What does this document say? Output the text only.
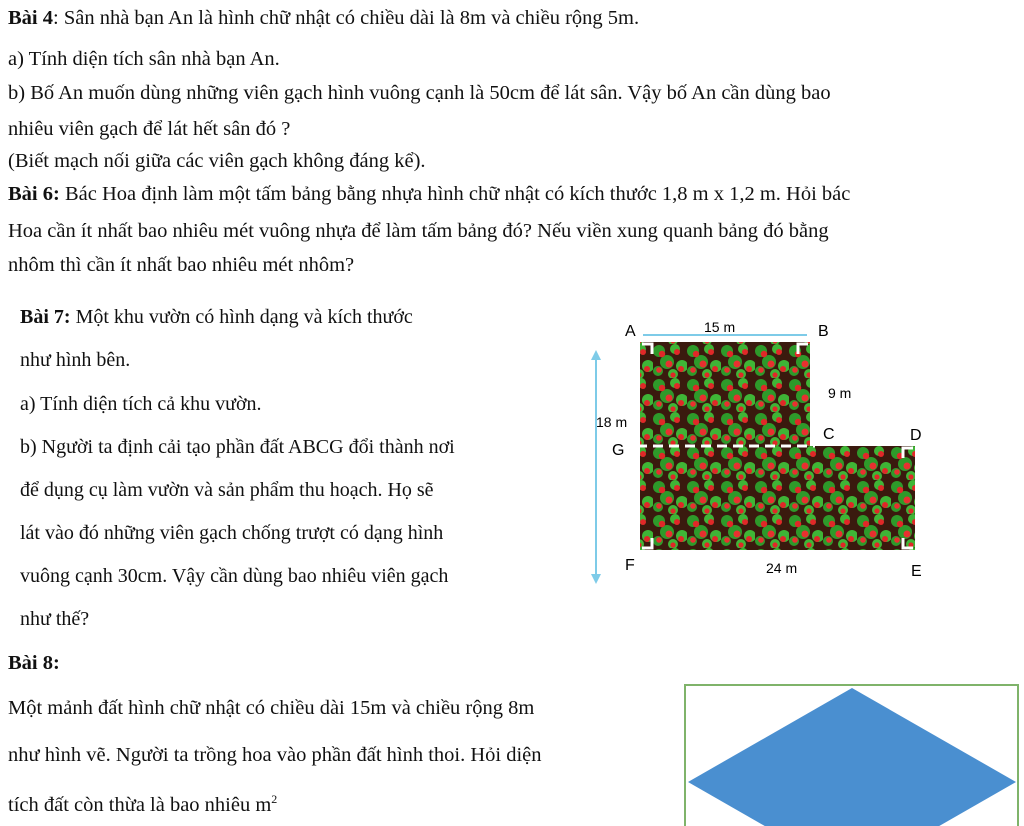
Bài 4: Sân nhà bạn An là hình chữ nhật có chiều dài là 8m và chiều rộng 5m.
a) Tính diện tích sân nhà bạn An.
b) Bố An muốn dùng những viên gạch hình vuông cạnh là 50cm để lát sân. Vậy bố An cần dùng bao
nhiêu viên gạch để lát hết sân đó ?
(Biết mạch nối giữa các viên gạch không đáng kể).
Bài 6: Bác Hoa định làm một tấm bảng bằng nhựa hình chữ nhật có kích thước 1,8 m x 1,2 m. Hỏi bác
Hoa cần ít nhất bao nhiêu mét vuông nhựa để làm tấm bảng đó? Nếu viền xung quanh bảng đó bằng
nhôm thì cần ít nhất bao nhiêu mét nhôm?
Bài 7: Một khu vườn có hình dạng và kích thước
như hình bên.
a) Tính diện tích cả khu vườn.
b) Người ta định cải tạo phần đất ABCG đổi thành nơi
để dụng cụ làm vườn và sản phẩm thu hoạch. Họ sẽ
lát vào đó những viên gạch chống trượt có dạng hình
vuông cạnh 30cm. Vậy cần dùng bao nhiêu viên gạch
như thế?
A	15 m	B
9 m
18 m
G
C	D
F	24 m	E
Bài 8:
Một mảnh đất hình chữ nhật có chiều dài 15m và chiều rộng 8m
như hình vẽ. Người ta trồng hoa vào phần đất hình thoi. Hỏi diện
tích đất còn thừa là bao nhiêu $m^2$
